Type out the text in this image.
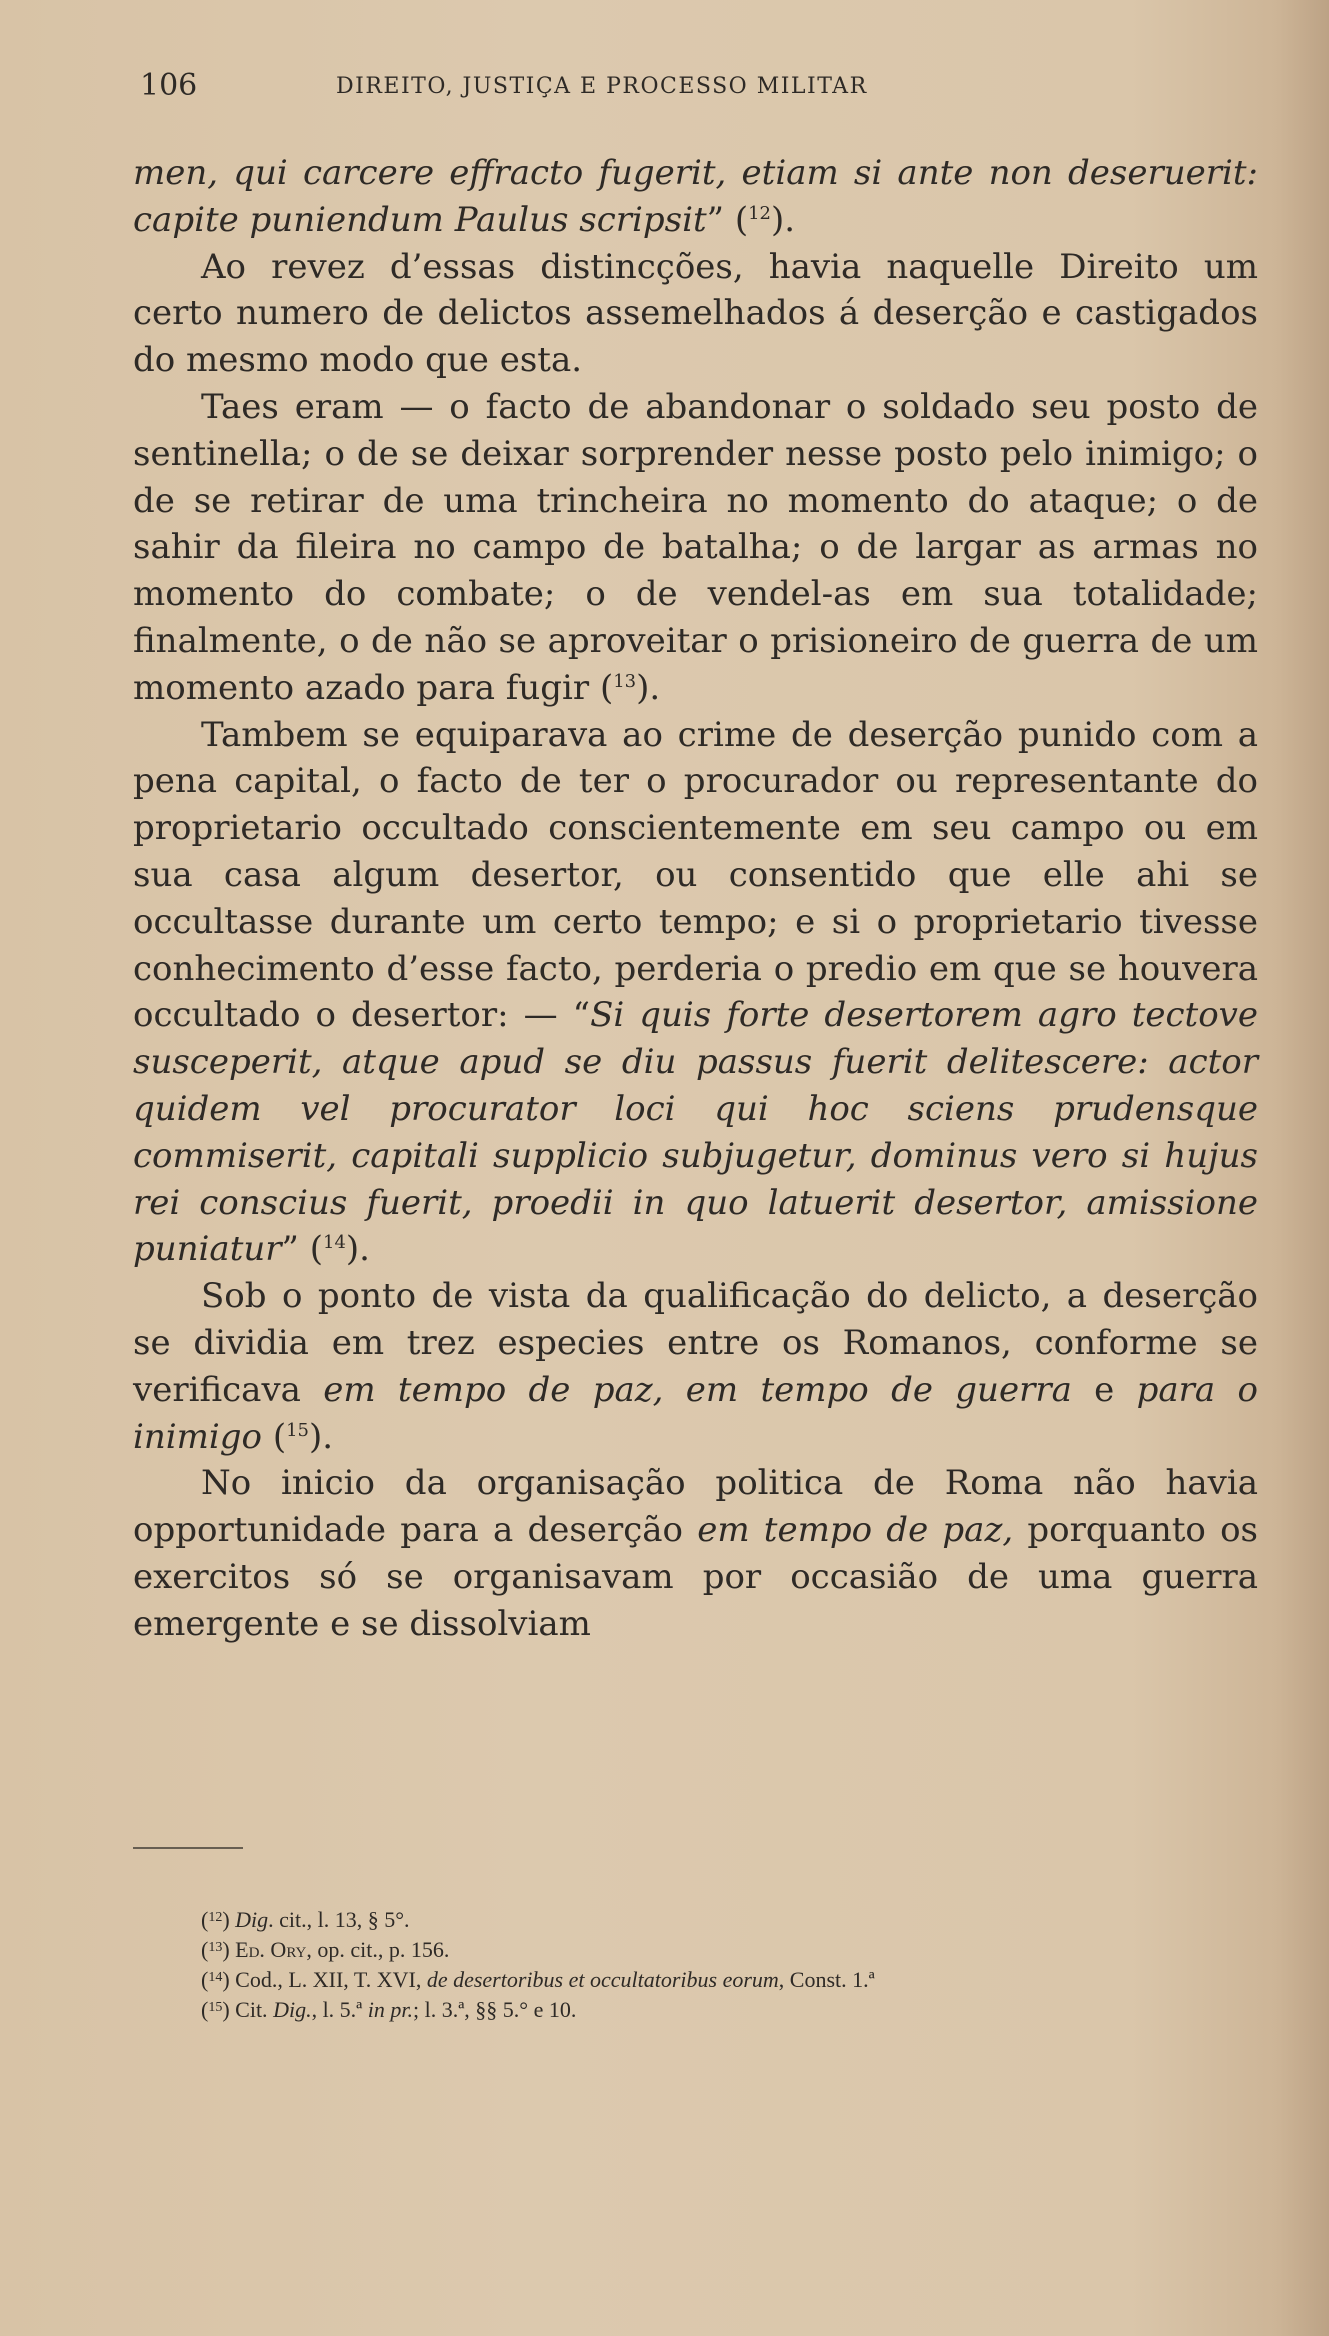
106	DIREITO, JUSTIÇA E PROCESSO MILITAR

men, qui carcere effracto fugerit, etiam si ante non deseruerit: capite puniendum Paulus scripsit” ($^{12}$).

Ao revez d’essas distincções, havia naquelle Direito um certo numero de delictos assemelhados á deserção e castigados do mesmo modo que esta.

Taes eram — o facto de abandonar o soldado seu posto de sentinella; o de se deixar sorprender nesse posto pelo inimigo; o de se retirar de uma trincheira no momento do ataque; o de sahir da fileira no campo de batalha; o de largar as armas no momento do combate; o de vendel-as em sua totalidade; finalmente, o de não se aproveitar o prisioneiro de guerra de um momento azado para fugir ($^{13}$).

Tambem se equiparava ao crime de deserção punido com a pena capital, o facto de ter o procurador ou representante do proprietario occultado conscientemente em seu campo ou em sua casa algum desertor, ou consentido que elle ahi se occultasse durante um certo tempo; e si o proprietario tivesse conhecimento d’esse facto, perderia o predio em que se houvera occultado o desertor: — “Si quis forte desertorem agro tectove susceperit, atque apud se diu passus fuerit delitescere: actor quidem vel procurator loci qui hoc sciens prudensque commiserit, capitali supplicio subjugetur, dominus vero si hujus rei conscius fuerit, proedii in quo latuerit desertor, amissione puniatur” ($^{14}$).

Sob o ponto de vista da qualificação do delicto, a deserção se dividia em trez especies entre os Romanos, conforme se verificava em tempo de paz, em tempo de guerra e para o inimigo ($^{15}$).

No inicio da organisação politica de Roma não havia opportunidade para a deserção em tempo de paz, porquanto os exercitos só se organisavam por occasião de uma guerra emergente e se dissolviam

($^{12}$) Dig. cit., l. 13, § 5°.

($^{13}$) Ed. Ory, op. cit., p. 156.

($^{14}$) Cod., L. XII, T. XVI, de desertoribus et occultatoribus eorum, Const. 1.ª

($^{15}$) Cit. Dig., l. 5.ª in pr.; l. 3.ª, §§ 5.° e 10.
